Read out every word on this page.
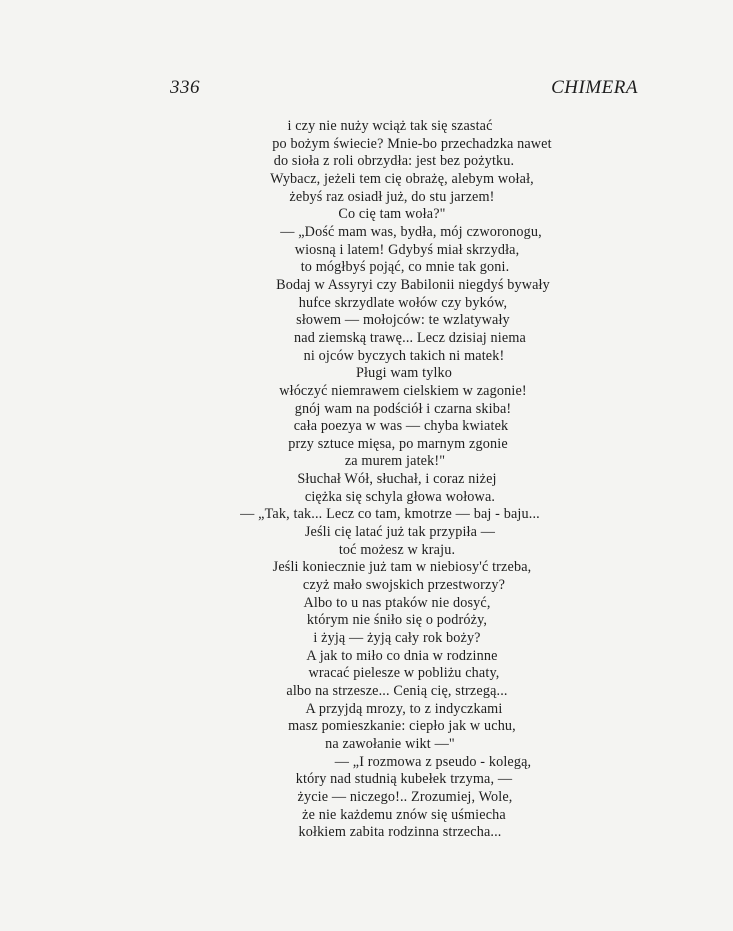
336	CHIMERA
i czy nie nuży wciąż tak się szastać
po bożym świecie? Mnie-bo przechadzka nawet
do sioła z roli obrzydła: jest bez pożytku.
Wybacz, jeżeli tem cię obrażę, alebym wołał,
żebyś raz osiadł już, do stu jarzem!
Co cię tam woła?"
— „Dość mam was, bydła, mój czworonogu,
wiosną i latem! Gdybyś miał skrzydła,
to mógłbyś pojąć, co mnie tak goni.
Bodaj w Assyryi czy Babilonii niegdyś bywały
hufce skrzydlate wołów czy byków,
słowem — mołojców: te wzlatywały
nad ziemską trawę... Lecz dzisiaj niema
ni ojców byczych takich ni matek!
Pługi wam tylko
włóczyć niemrawem cielskiem w zagonie!
gnój wam na podściół i czarna skiba!
cała poezya w was — chyba kwiatek
przy sztuce mięsa, po marnym zgonie
za murem jatek!"
Słuchał Wół, słuchał, i coraz niżej
ciężka się schyla głowa wołowa.
— „Tak, tak... Lecz co tam, kmotrze — baj - baju...
Jeśli cię latać już tak przypiła —
toć możesz w kraju.
Jeśli koniecznie już tam w niebiosy'ć trzeba,
czyż mało swojskich przestworzy?
Albo to u nas ptaków nie dosyć,
którym nie śniło się o podróży,
i żyją — żyją cały rok boży?
A jak to miło co dnia w rodzinne
wracać pielesze w pobliżu chaty,
albo na strzesze... Cenią cię, strzegą...
A przyjdą mrozy, to z indyczkami
masz pomieszkanie: ciepło jak w uchu,
na zawołanie wikt —"
— „I rozmowa z pseudo - kolegą,
który nad studnią kubełek trzyma, —
życie — niczego!.. Zrozumiej, Wole,
że nie każdemu znów się uśmiecha
kołkiem zabita rodzinna strzecha...
